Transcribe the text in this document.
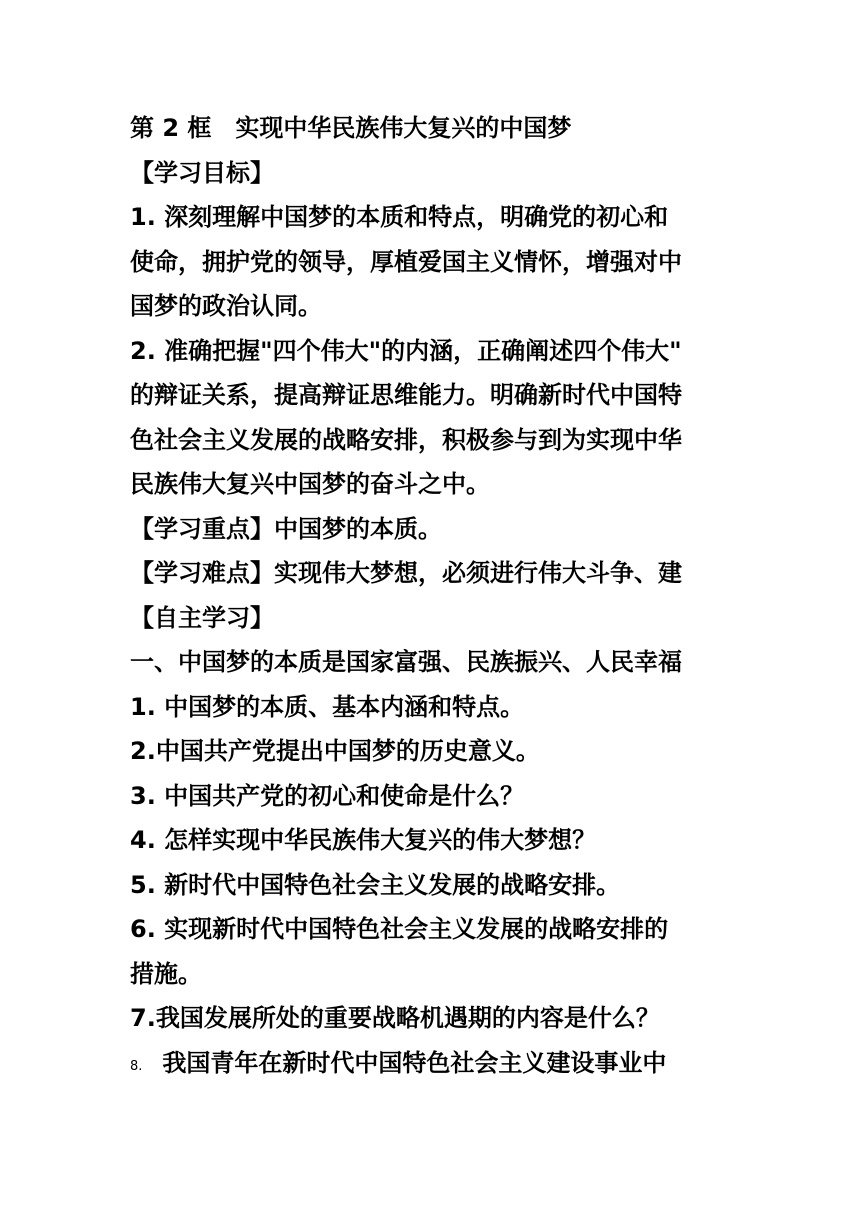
第 2 框　实现中华民族伟大复兴的中国梦
【学习目标】
1. 深刻理解中国梦的本质和特点，明确党的初心和
使命，拥护党的领导，厚植爱国主义情怀，增强对中
国梦的政治认同。
2. 准确把握"四个伟大"的内涵，正确阐述四个伟大"
的辩证关系，提高辩证思维能力。明确新时代中国特
色社会主义发展的战略安排，积极参与到为实现中华
民族伟大复兴中国梦的奋斗之中。
【学习重点】中国梦的本质。
【学习难点】实现伟大梦想，必须进行伟大斗争、建
【自主学习】
一、中国梦的本质是国家富强、民族振兴、人民幸福
1. 中国梦的本质、基本内涵和特点。
2.中国共产党提出中国梦的历史意义。
3. 中国共产党的初心和使命是什么？
4. 怎样实现中华民族伟大复兴的伟大梦想？
5. 新时代中国特色社会主义发展的战略安排。
6. 实现新时代中国特色社会主义发展的战略安排的
措施。
7.我国发展所处的重要战略机遇期的内容是什么？
8. 我国青年在新时代中国特色社会主义建设事业中
